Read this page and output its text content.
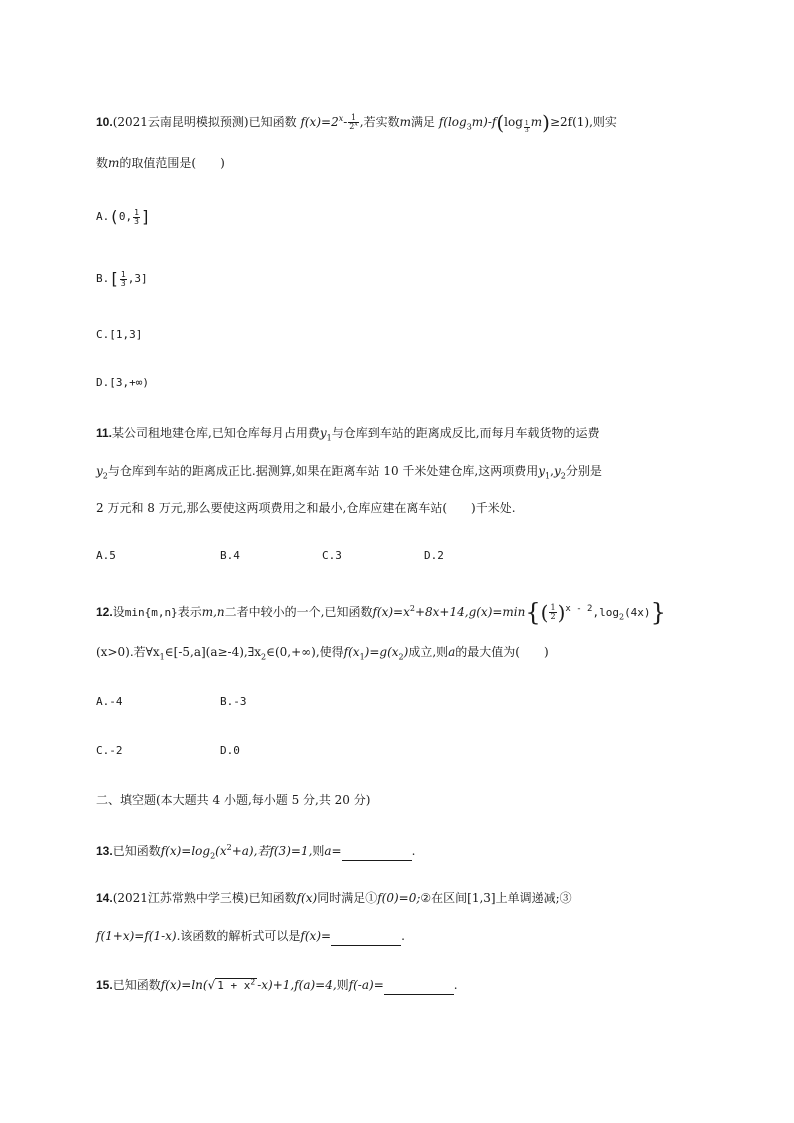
10.(2021云南昆明模拟预测)已知函数 $f(x)=2^x- \frac{1}{2^x}$ ,若实数m满足 $f(\log_3m)-f(\log \frac{1}{3} m)\ge 2f(1)$,则实
数m的取值范围是(　　)
A.(0, $\frac{1}{3}$ ]
$B.[ \frac{1}{3} ,3]$
C.[1,3]
D.[3,+∞)
11.某公司租地建仓库,已知仓库每月占用费$y_1$与仓库到车站的距离成反比,而每月车载货物的运费
$y_2$与仓库到车站的距离成正比.据测算,如果在距离车站 10 千米处建仓库,这两项费用$y_1,y_2$分别是
2 万元和 8 万元,那么要使这两项费用之和最小,仓库应建在离车站(　　)千米处.
A.5	B.4	C.3	D.2
12.设min{m,n}表示m,n二者中较小的一个,已知函数$f(x)=x^2+8x+14,g(x)=\min\{( \frac{1}{2} )^{x - 2},\log_2(4x)\}$
(x>0).若$\forall x_1\in[-5,a](a\ge-4),\exists x_2\in(0,+\infty)$,使得$f(x_1)=g(x_2)$成立,则a的最大值为(　　)
A.-4	B.-3
C.-2	D.0
二、填空题(本大题共 4 小题,每小题 5 分,共 20 分)
13.已知函数$f(x)=\log_2(x^2+a)$,若f(3)=1,则a=	.
14.(2021江苏常熟中学三模)已知函数f(x)同时满足①f(0)=0;②在区间[1,3]上单调递减;③
f(1+x)=f(1-x).该函数的解析式可以是f(x)=	.
15.已知函数f(x)=ln(√ $1 + x^2$ -x)+1,f(a)=4,则f(-a)=	.
